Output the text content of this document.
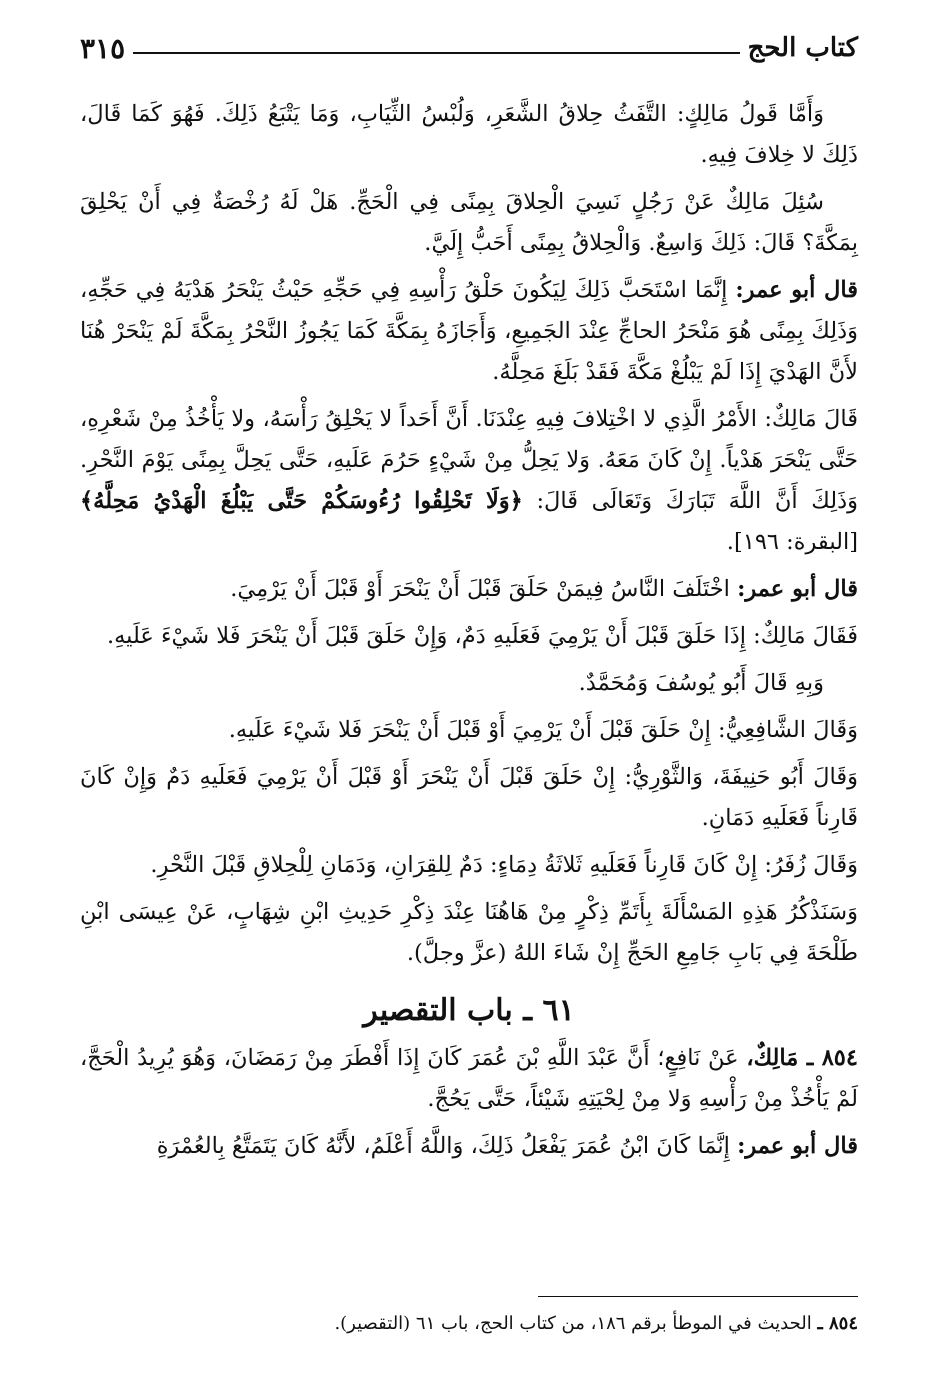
كتاب الحج
٣١٥

وَأَمَّا قَولُ مَالِكٍ: التَّفَثُ حِلاقُ الشَّعَرِ، وَلُبْسُ الثِّيَابِ، وَمَا يَتْبَعُ ذَلِكَ. فَهُوَ كَمَا قَالَ، ذَلِكَ لا خِلافَ فِيهِ.

سُئِلَ مَالِكٌ عَنْ رَجُلٍ نَسِيَ الْحِلاقَ بِمِنًى فِي الْحَجِّ. هَلْ لَهُ رُخْصَةٌ فِي أَنْ يَحْلِقَ بِمَكَّةَ؟ قَالَ: ذَلِكَ وَاسِعٌ. وَالْحِلاقُ بِمِنًى أَحَبُّ إِلَيَّ.

قال أبو عمر: إِنَّمَا اسْتَحَبَّ ذَلِكَ لِيَكُونَ حَلْقُ رَأْسِهِ فِي حَجِّهِ حَيْثُ يَنْحَرُ هَدْيَهُ فِي حَجِّهِ، وَذَلِكَ بِمِنًى هُوَ مَنْحَرُ الحاجِّ عِنْدَ الجَمِيعِ، وَأَجَازَهُ بِمَكَّةَ كَمَا يَجُوزُ النَّحْرُ بِمَكَّةَ لَمْ يَنْحَرْ هُنَا لأَنَّ الهَدْيَ إِذَا لَمْ يَبْلُغْ مَكَّةَ فَقَدْ بَلَغَ مَحِلَّهُ.

قَالَ مَالِكٌ: الأَمْرُ الَّذِي لا اخْتِلافَ فِيهِ عِنْدَنَا. أَنَّ أَحَداً لا يَحْلِقُ رَأْسَهُ، ولا يَأْخُذُ مِنْ شَعْرِهِ، حَتَّى يَنْحَرَ هَدْياً. إِنْ كَانَ مَعَهُ. وَلا يَحِلُّ مِنْ شَيْءٍ حَرُمَ عَلَيهِ، حَتَّى يَحِلَّ بِمِنًى يَوْمَ النَّحْرِ. وَذَلِكَ أَنَّ اللَّهَ تَبَارَكَ وَتَعَالَى قَالَ: ﴿وَلَا تَحْلِقُوا رُءُوسَكُمْ حَتَّى يَبْلُغَ الْهَدْيُ مَحِلَّهُ﴾ [البقرة: ١٩٦].

قال أبو عمر: اخْتَلَفَ النَّاسُ فِيمَنْ حَلَقَ قَبْلَ أَنْ يَنْحَرَ أَوْ قَبْلَ أَنْ يَرْمِيَ.

فَقَالَ مَالِكٌ: إِذَا حَلَقَ قَبْلَ أَنْ يَرْمِيَ فَعَلَيهِ دَمٌ، وَإِنْ حَلَقَ قَبْلَ أَنْ يَنْحَرَ فَلا شَيْءَ عَلَيهِ.

وَبِهِ قَالَ أَبُو يُوسُفَ وَمُحَمَّدٌ.

وَقَالَ الشَّافِعِيُّ: إِنْ حَلَقَ قَبْلَ أَنْ يَرْمِيَ أَوْ قَبْلَ أَنْ يَنْحَرَ فَلا شَيْءَ عَلَيهِ.

وَقَالَ أَبُو حَنِيفَةَ، وَالثَّوْرِيُّ: إِنْ حَلَقَ قَبْلَ أَنْ يَنْحَرَ أَوْ قَبْلَ أَنْ يَرْمِيَ فَعَلَيهِ دَمٌ وَإِنْ كَانَ قَارِناً فَعَلَيهِ دَمَانِ.

وَقَالَ زُفَرُ: إِنْ كَانَ قَارِناً فَعَلَيهِ ثَلاثَةُ دِمَاءٍ: دَمٌ لِلقِرَانِ، وَدَمَانِ لِلْحِلاقِ قَبْلَ النَّحْرِ.

وَسَنَذْكُرُ هَذِهِ المَسْأَلَةَ بِأَتَمِّ ذِكْرٍ مِنْ هَاهُنَا عِنْدَ ذِكْرِ حَدِيثِ ابْنِ شِهَابٍ، عَنْ عِيسَى ابْنِ طَلْحَةَ فِي بَابِ جَامِعِ الحَجِّ إِنْ شَاءَ اللهُ (عزَّ وجلَّ).

٦١ ـ باب التقصير

٨٥٤ ـ مَالِكٌ، عَنْ نَافِعٍ؛ أَنَّ عَبْدَ اللَّهِ بْنَ عُمَرَ كَانَ إِذَا أَفْطَرَ مِنْ رَمَضَانَ، وَهُوَ يُرِيدُ الْحَجَّ، لَمْ يَأْخُذْ مِنْ رَأْسِهِ وَلا مِنْ لِحْيَتِهِ شَيْئاً، حَتَّى يَحُجَّ.

قال أبو عمر: إِنَّمَا كَانَ ابْنُ عُمَرَ يَفْعَلُ ذَلِكَ، وَاللَّهُ أَعْلَمُ، لأَنَّهُ كَانَ يَتَمَتَّعُ بِالعُمْرَةِ

٨٥٤ ـ الحديث في الموطأ برقم ١٨٦، من كتاب الحج، باب ٦١ (التقصير).
